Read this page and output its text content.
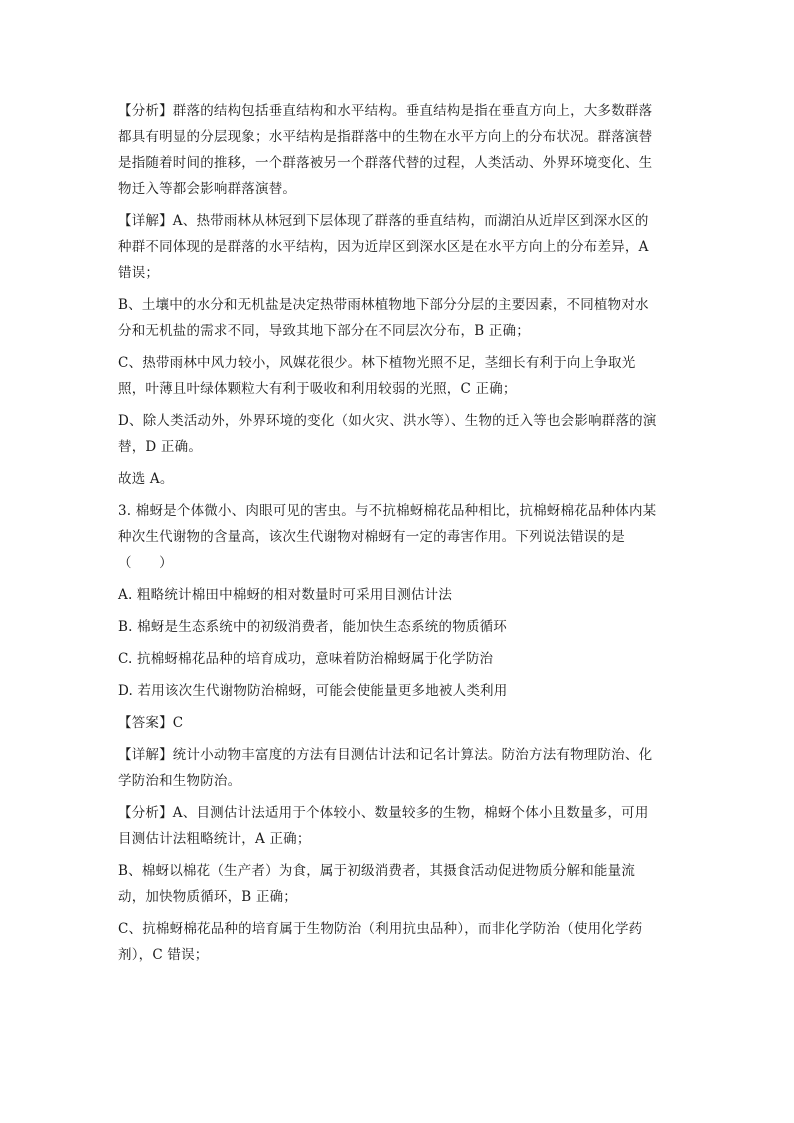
【分析】群落的结构包括垂直结构和水平结构。垂直结构是指在垂直方向上，大多数群落
都具有明显的分层现象；水平结构是指群落中的生物在水平方向上的分布状况。群落演替
是指随着时间的推移，一个群落被另一个群落代替的过程，人类活动、外界环境变化、生
物迁入等都会影响群落演替。
【详解】A、热带雨林从林冠到下层体现了群落的垂直结构，而湖泊从近岸区到深水区的
种群不同体现的是群落的水平结构，因为近岸区到深水区是在水平方向上的分布差异，A
错误；
B、土壤中的水分和无机盐是决定热带雨林植物地下部分分层的主要因素，不同植物对水
分和无机盐的需求不同，导致其地下部分在不同层次分布，B 正确；
C、热带雨林中风力较小，风媒花很少。林下植物光照不足，茎细长有利于向上争取光
照，叶薄且叶绿体颗粒大有利于吸收和利用较弱的光照，C 正确；
D、除人类活动外，外界环境的变化（如火灾、洪水等）、生物的迁入等也会影响群落的演
替，D 正确。
故选 A。
3. 棉蚜是个体微小、肉眼可见的害虫。与不抗棉蚜棉花品种相比，抗棉蚜棉花品种体内某
种次生代谢物的含量高，该次生代谢物对棉蚜有一定的毒害作用。下列说法错误的是
（　　）
A. 粗略统计棉田中棉蚜的相对数量时可采用目测估计法
B. 棉蚜是生态系统中的初级消费者，能加快生态系统的物质循环
C. 抗棉蚜棉花品种的培育成功，意味着防治棉蚜属于化学防治
D. 若用该次生代谢物防治棉蚜，可能会使能量更多地被人类利用
【答案】C
【详解】统计小动物丰富度的方法有目测估计法和记名计算法。防治方法有物理防治、化
学防治和生物防治。
【分析】A、目测估计法适用于个体较小、数量较多的生物，棉蚜个体小且数量多，可用
目测估计法粗略统计，A 正确；
B、棉蚜以棉花（生产者）为食，属于初级消费者，其摄食活动促进物质分解和能量流
动，加快物质循环，B 正确；
C、抗棉蚜棉花品种的培育属于生物防治（利用抗虫品种），而非化学防治（使用化学药
剂），C 错误；
